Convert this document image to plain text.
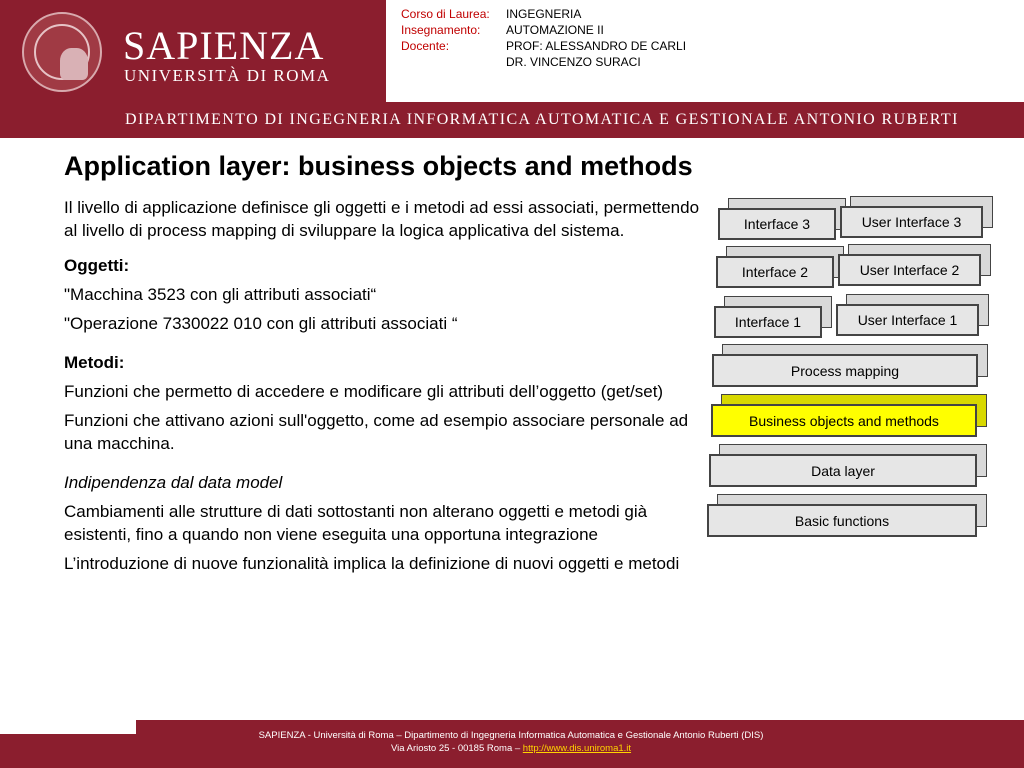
SAPIENZA
UNIVERSITÀ DI ROMA
Corso di Laurea:	INGEGNERIA
Insegnamento:	AUTOMAZIONE II
Docente:	PROF: ALESSANDRO DE CARLI
DR. VINCENZO SURACI
DIPARTIMENTO DI INGEGNERIA INFORMATICA AUTOMATICA E GESTIONALE ANTONIO RUBERTI
Application layer: business objects and methods

Il livello di applicazione definisce gli oggetti e i metodi ad essi associati, permettendo al livello di process mapping di sviluppare la logica applicativa del sistema.

Oggetti:

"Macchina 3523 con gli attributi associati“

"Operazione 7330022 010 con gli attributi associati “

Metodi:

Funzioni che permetto di accedere e modificare gli attributi dell’oggetto (get/set)

Funzioni che attivano azioni sull'oggetto, come ad esempio associare personale ad una macchina.

Indipendenza dal data model

Cambiamenti alle strutture di dati sottostanti non alterano oggetti e metodi già esistenti, fino a quando non viene eseguita una opportuna integrazione

L’introduzione di nuove funzionalità implica la definizione di nuovi oggetti e metodi

Interface 3	User Interface 3
Interface 2	User Interface 2
Interface 1	User Interface 1
Process mapping
Business objects and methods
Data layer
Basic functions
SAPIENZA - Università di Roma – Dipartimento di Ingegneria Informatica Automatica e Gestionale Antonio Ruberti (DIS)
Via Ariosto 25 - 00185 Roma – http://www.dis.uniroma1.it
